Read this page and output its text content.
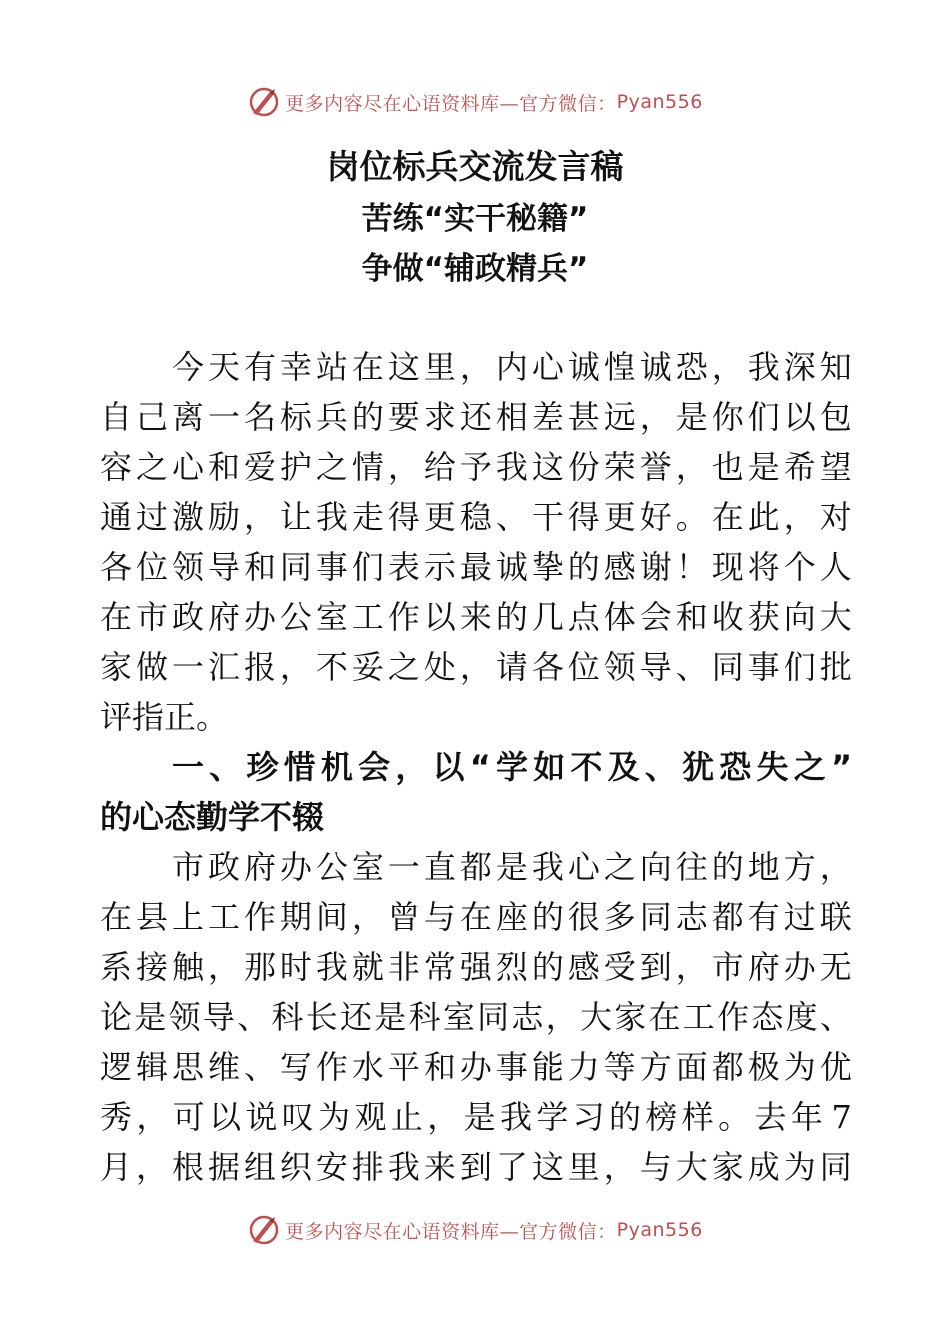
更多内容尽在心语资料库—官方微信： Pyan556
岗位标兵交流发言稿
苦练“实干秘籍”
争做“辅政精兵”
今 天 有 幸 站 在 这 里 ， 内 心 诚 惶 诚 恐 ， 我 深 知
自 己 离 一 名 标 兵 的 要 求 还 相 差 甚 远 ， 是 你 们 以 包
容 之 心 和 爱 护 之 情 ， 给 予 我 这 份 荣 誉 ， 也 是 希 望
通 过 激 励 ， 让 我 走 得 更 稳 、 干 得 更 好 。 在 此 ， 对
各 位 领 导 和 同 事 们 表 示 最 诚 挚 的 感 谢 ！ 现 将 个 人
在 市 政 府 办 公 室 工 作 以 来 的 几 点 体 会 和 收 获 向 大
家 做 一 汇 报 ， 不 妥 之 处 ， 请 各 位 领 导 、 同 事 们 批
评指正。
一 、 珍 惜 机 会 ， 以 “ 学 如 不 及 、 犹 恐 失 之 ”
的心态勤学不辍
市 政 府 办 公 室 一 直 都 是 我 心 之 向 往 的 地 方 ，
在 县 上 工 作 期 间 ， 曾 与 在 座 的 很 多 同 志 都 有 过 联
系 接 触 ， 那 时 我 就 非 常 强 烈 的 感 受 到 ， 市 府 办 无
论 是 领 导 、 科 长 还 是 科 室 同 志 ， 大 家 在 工 作 态 度 、
逻 辑 思 维 、 写 作 水 平 和 办 事 能 力 等 方 面 都 极 为 优
秀 ， 可 以 说 叹 为 观 止 ， 是 我 学 习 的 榜 样 。 去 年 7
月 ， 根 据 组 织 安 排 我 来 到 了 这 里 ， 与 大 家 成 为 同
更多内容尽在心语资料库—官方微信： Pyan556
